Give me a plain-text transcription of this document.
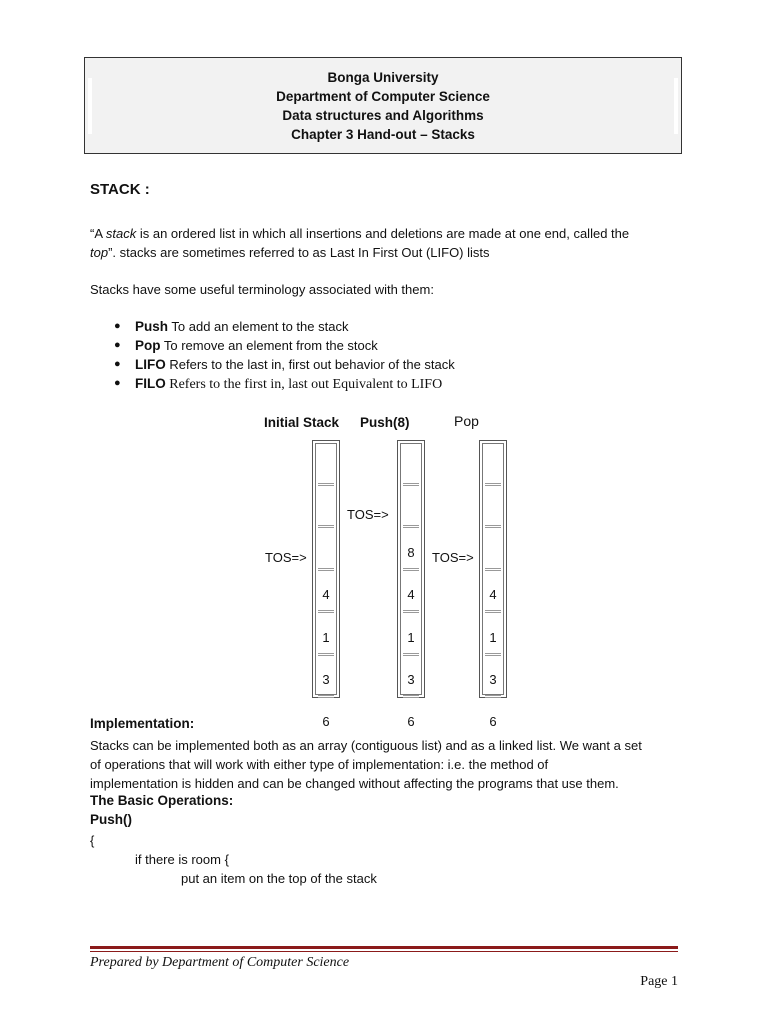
Bonga University
Department of Computer Science
Data structures and Algorithms
Chapter 3 Hand-out – Stacks
STACK :
“A stack is an ordered list in which all insertions and deletions are made at one end, called the
top”. stacks are sometimes referred to as Last In First Out (LIFO) lists
Stacks have some useful terminology associated with them:
● Push To add an element to the stack
● Pop To remove an element from the stock
● LIFO Refers to the last in, first out behavior of the stack
● FILO Refers to the first in, last out Equivalent to LIFO
Initial Stack Push(8)	Pop
4
1
3
6
8
4
1
3
6
4
1
3
6
TOS=>
TOS=>
TOS=>
Implementation:
Stacks can be implemented both as an array (contiguous list) and as a linked list. We want a set
of operations that will work with either type of implementation: i.e. the method of
implementation is hidden and can be changed without affecting the programs that use them.
The Basic Operations:
Push()
{
if there is room {
put an item on the top of the stack
Prepared by Department of Computer Science
Page 1
